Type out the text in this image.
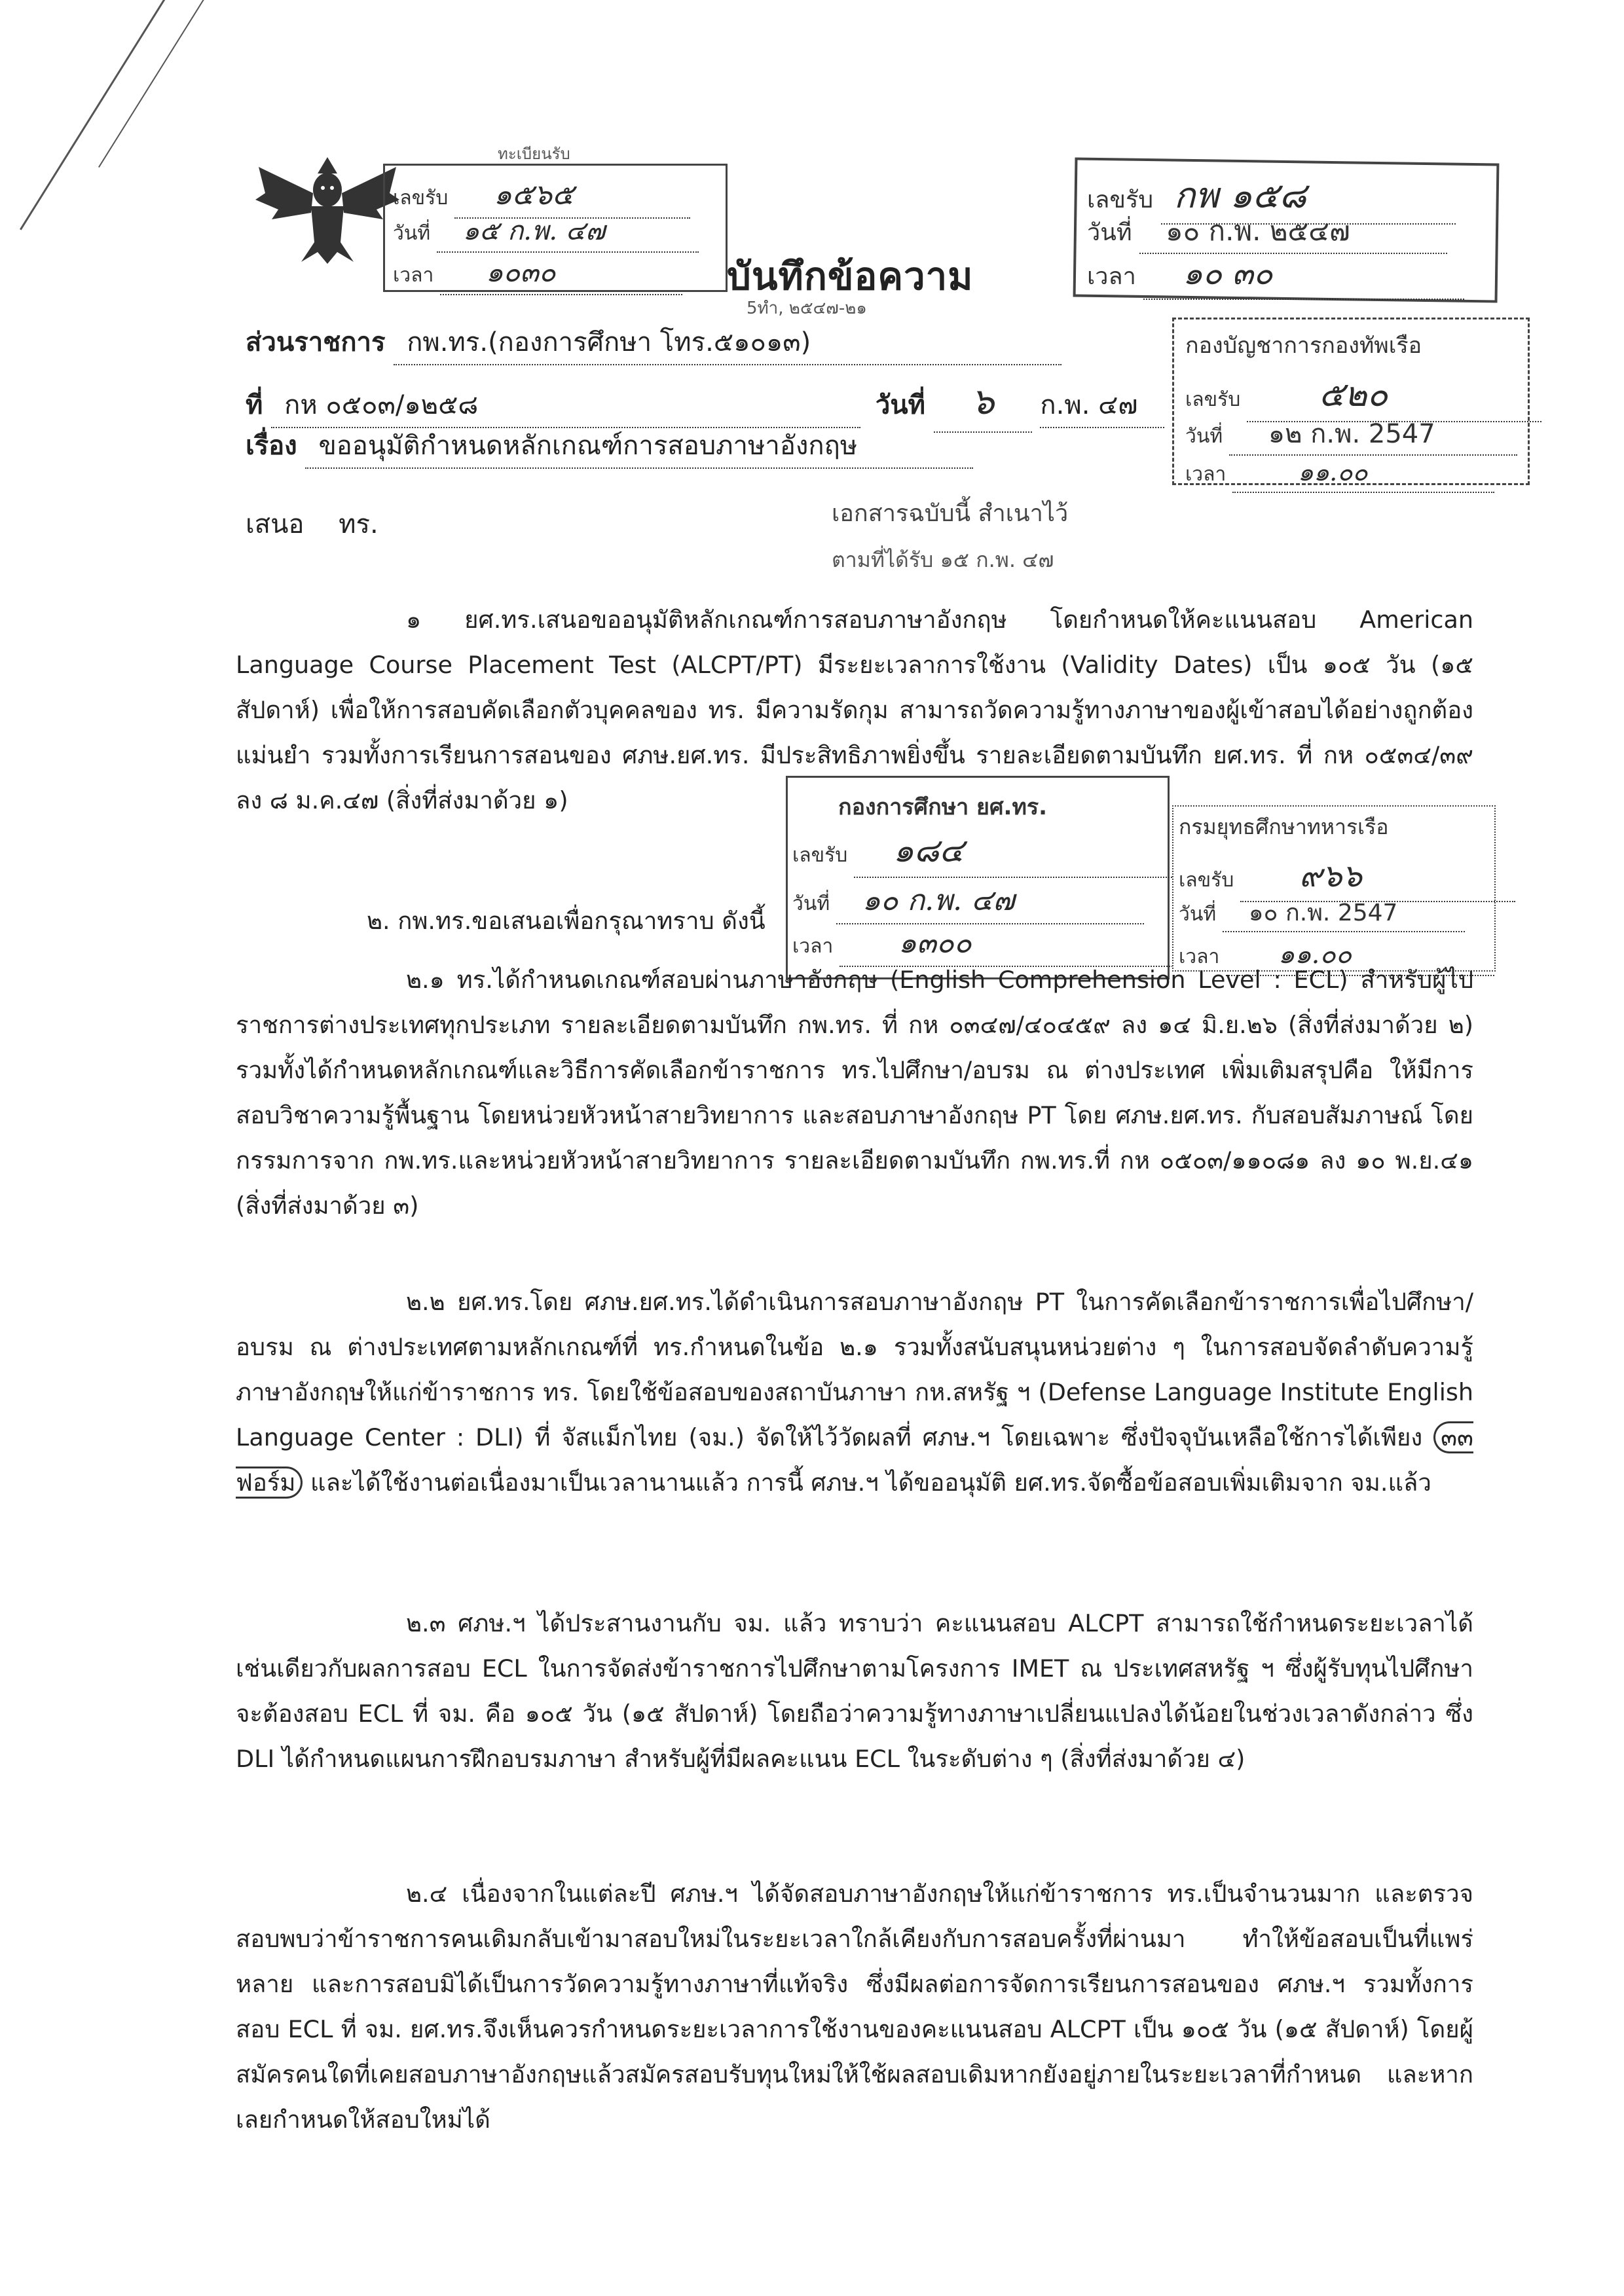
ทะเบียนรับ
เลขรับ ๑๕๖๕
วันที่ ๑๕ ก.พ. ๔๗
เวลา ๑๐๓๐	บันทึกข้อความ
5ทำ, ๒๕๔๗-๒๑
เลขรับ กพ ๑๕๘
วันที่ ๑๐ ก.พ. ๒๕๔๗
เวลา ๑๐ ๓๐
กองบัญชาการกองทัพเรือ
เลขรับ ๕๒๐
วันที่ ๑๒ ก.พ. 2547
เวลา	๑๑.๐๐
ส่วนราชการ กพ.ทร.(กองการศึกษา โทร.๕๑๐๑๓)
ที่ กห ๐๕๐๓/๑๒๕๘	วันที่ ๖ ก.พ. ๔๗
เรื่อง ขออนุมัติกำหนดหลักเกณฑ์การสอบภาษาอังกฤษ
เสนอ ทร.	เอกสารฉบับนี้ สำเนาไว้
ตามที่ได้รับ ๑๕ ก.พ. ๔๗
๑ ยศ.ทร.เสนอขออนุมัติหลักเกณฑ์การสอบภาษาอังกฤษ โดยกำหนดให้คะแนนสอบ American Language Course Placement Test (ALCPT/PT) มีระยะเวลาการใช้งาน (Validity Dates) เป็น ๑๐๕ วัน (๑๕ สัปดาห์) เพื่อให้การสอบคัดเลือกตัวบุคคลของ ทร. มีความรัดกุม สามารถวัดความรู้ทางภาษาของผู้เข้าสอบได้อย่างถูกต้องแม่นยำ รวมทั้งการเรียนการสอนของ ศภษ.ยศ.ทร. มีประสิทธิภาพยิ่งขึ้น รายละเอียดตามบันทึก ยศ.ทร. ที่ กห ๐๕๓๔/๓๙ ลง ๘ ม.ค.๔๗ (สิ่งที่ส่งมาด้วย ๑)	กองการศึกษา ยศ.ทร.
เลขรับ ๑๘๔
วันที่ ๑๐ ก.พ. ๔๗
เวลา ๑๓๐๐
กรมยุทธศึกษาทหารเรือ
เลขรับ ๙๖๖
วันที่ ๑๐ ก.พ. 2547
เวลา ๑๑.๐๐
๒. กพ.ทร.ขอเสนอเพื่อกรุณาทราบ ดังนี้
๒.๑ ทร.ได้กำหนดเกณฑ์สอบผ่านภาษาอังกฤษ (English Comprehension Level : ECL) สำหรับผู้ไปราชการต่างประเทศทุกประเภท รายละเอียดตามบันทึก กพ.ทร. ที่ กห ๐๓๔๗/๔๐๔๕๙ ลง ๑๔ มิ.ย.๒๖ (สิ่งที่ส่งมาด้วย ๒) รวมทั้งได้กำหนดหลักเกณฑ์และวิธีการคัดเลือกข้าราชการ ทร.ไปศึกษา/อบรม ณ ต่างประเทศ เพิ่มเติมสรุปคือ ให้มีการสอบวิชาความรู้พื้นฐาน โดยหน่วยหัวหน้าสายวิทยาการ และสอบภาษาอังกฤษ PT โดย ศภษ.ยศ.ทร. กับสอบสัมภาษณ์ โดยกรรมการจาก กพ.ทร.และหน่วยหัวหน้าสายวิทยาการ รายละเอียดตามบันทึก กพ.ทร.ที่ กห ๐๕๐๓/๑๑๐๘๑ ลง ๑๐ พ.ย.๔๑ (สิ่งที่ส่งมาด้วย ๓)
๒.๒ ยศ.ทร.โดย ศภษ.ยศ.ทร.ได้ดำเนินการสอบภาษาอังกฤษ PT ในการคัดเลือกข้าราชการเพื่อไปศึกษา/อบรม ณ ต่างประเทศตามหลักเกณฑ์ที่ ทร.กำหนดในข้อ ๒.๑ รวมทั้งสนับสนุนหน่วยต่าง ๆ ในการสอบจัดลำดับความรู้ภาษาอังกฤษให้แก่ข้าราชการ ทร. โดยใช้ข้อสอบของสถาบันภาษา กห.สหรัฐ ฯ (Defense Language Institute English Language Center : DLI) ที่ จัสแม็กไทย (จม.) จัดให้ไว้วัดผลที่ ศภษ.ฯ โดยเฉพาะ ซึ่งปัจจุบันเหลือใช้การได้เพียง ๓๓ ฟอร์ม และได้ใช้งานต่อเนื่องมาเป็นเวลานานแล้ว การนี้ ศภษ.ฯ ได้ขออนุมัติ ยศ.ทร.จัดซื้อข้อสอบเพิ่มเติมจาก จม.แล้ว
๒.๓ ศภษ.ฯ ได้ประสานงานกับ จม. แล้ว ทราบว่า คะแนนสอบ ALCPT สามารถใช้กำหนดระยะเวลาได้เช่นเดียวกับผลการสอบ ECL ในการจัดส่งข้าราชการไปศึกษาตามโครงการ IMET ณ ประเทศสหรัฐ ฯ ซึ่งผู้รับทุนไปศึกษาจะต้องสอบ ECL ที่ จม. คือ ๑๐๕ วัน (๑๕ สัปดาห์) โดยถือว่าความรู้ทางภาษาเปลี่ยนแปลงได้น้อยในช่วงเวลาดังกล่าว ซึ่ง DLI ได้กำหนดแผนการฝึกอบรมภาษา สำหรับผู้ที่มีผลคะแนน ECL ในระดับต่าง ๆ (สิ่งที่ส่งมาด้วย ๔)
๒.๔ เนื่องจากในแต่ละปี ศภษ.ฯ ได้จัดสอบภาษาอังกฤษให้แก่ข้าราชการ ทร.เป็นจำนวนมาก และตรวจสอบพบว่าข้าราชการคนเดิมกลับเข้ามาสอบใหม่ในระยะเวลาใกล้เคียงกับการสอบครั้งที่ผ่านมา ทำให้ข้อสอบเป็นที่แพร่หลาย และการสอบมิได้เป็นการวัดความรู้ทางภาษาที่แท้จริง ซึ่งมีผลต่อการจัดการเรียนการสอนของ ศภษ.ฯ รวมทั้งการสอบ ECL ที่ จม. ยศ.ทร.จึงเห็นควรกำหนดระยะเวลาการใช้งานของคะแนนสอบ ALCPT เป็น ๑๐๕ วัน (๑๕ สัปดาห์) โดยผู้สมัครคนใดที่เคยสอบภาษาอังกฤษแล้วสมัครสอบรับทุนใหม่ให้ใช้ผลสอบเดิมหากยังอยู่ภายในระยะเวลาที่กำหนด และหากเลยกำหนดให้สอบใหม่ได้
